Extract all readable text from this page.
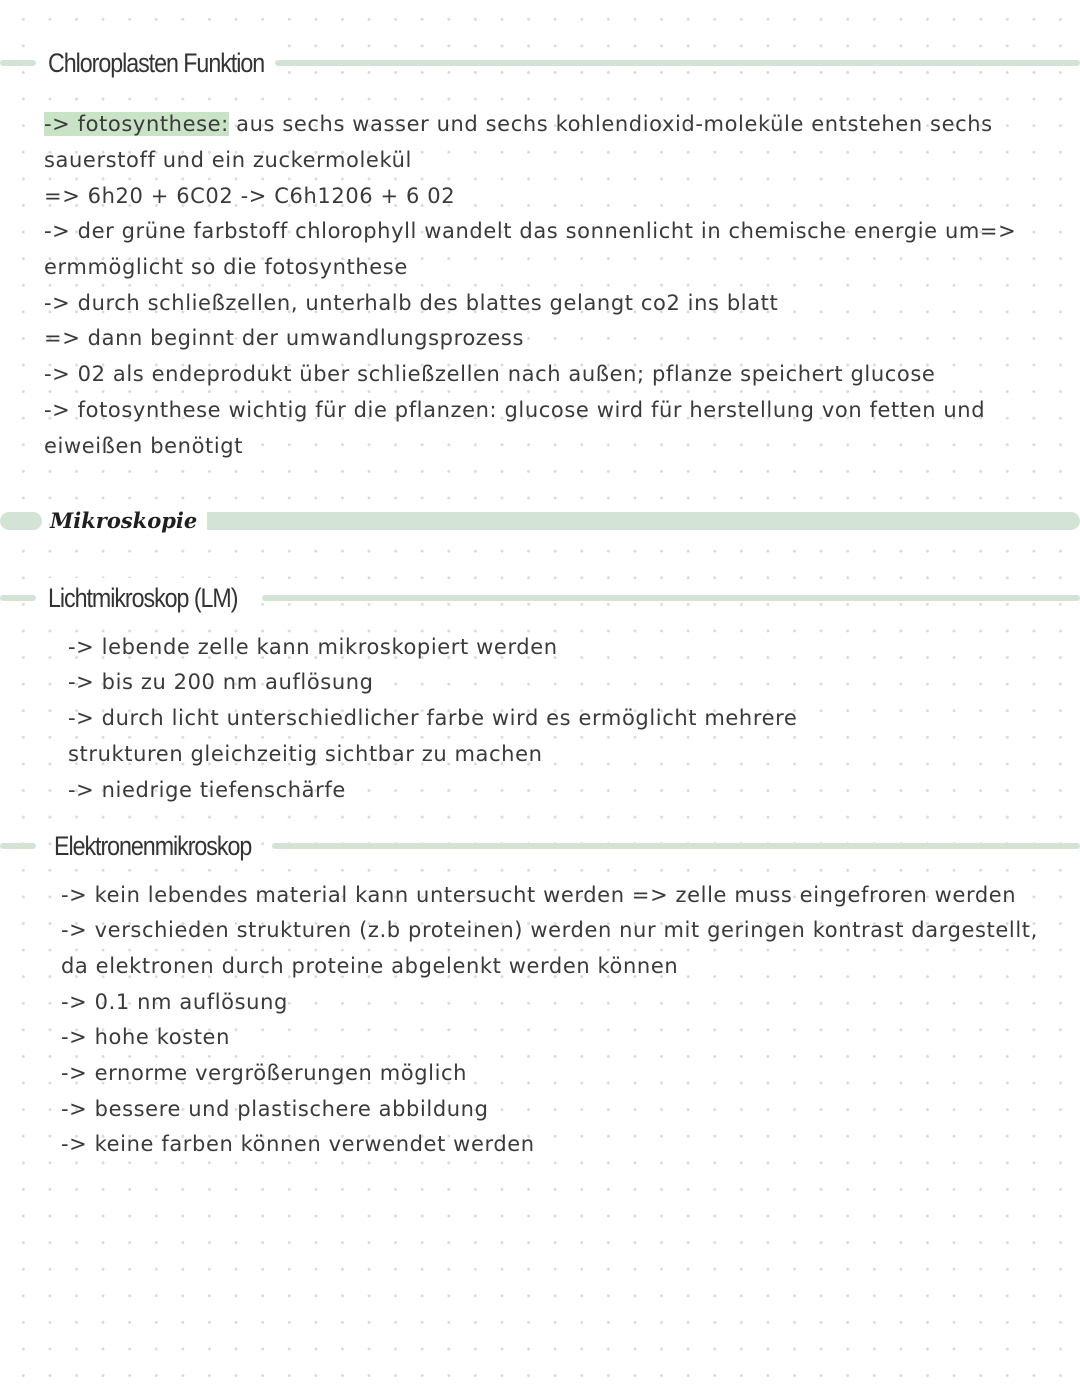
Chloroplasten Funktion
-> fotosynthese: aus sechs wasser und sechs kohlendioxid-moleküle entstehen sechs
sauerstoff und ein zuckermolekül
=> 6h20 + 6C02 -> C6h1206 + 6 02
-> der grüne farbstoff chlorophyll wandelt das sonnenlicht in chemische energie um=>
ermmöglicht so die fotosynthese
-> durch schließzellen, unterhalb des blattes gelangt co2 ins blatt
=> dann beginnt der umwandlungsprozess
-> 02 als endeprodukt über schließzellen nach außen; pflanze speichert glucose
-> fotosynthese wichtig für die pflanzen: glucose wird für herstellung von fetten und
eiweißen benötigt
Mikroskopie
Lichtmikroskop (LM)
-> lebende zelle kann mikroskopiert werden
-> bis zu 200 nm auflösung
-> durch licht unterschiedlicher farbe wird es ermöglicht mehrere
strukturen gleichzeitig sichtbar zu machen
-> niedrige tiefenschärfe
Elektronenmikroskop
-> kein lebendes material kann untersucht werden => zelle muss eingefroren werden
-> verschieden strukturen (z.b proteinen) werden nur mit geringen kontrast dargestellt,
da elektronen durch proteine abgelenkt werden können
-> 0.1 nm auflösung
-> hohe kosten
-> ernorme vergrößerungen möglich
-> bessere und plastischere abbildung
-> keine farben können verwendet werden
